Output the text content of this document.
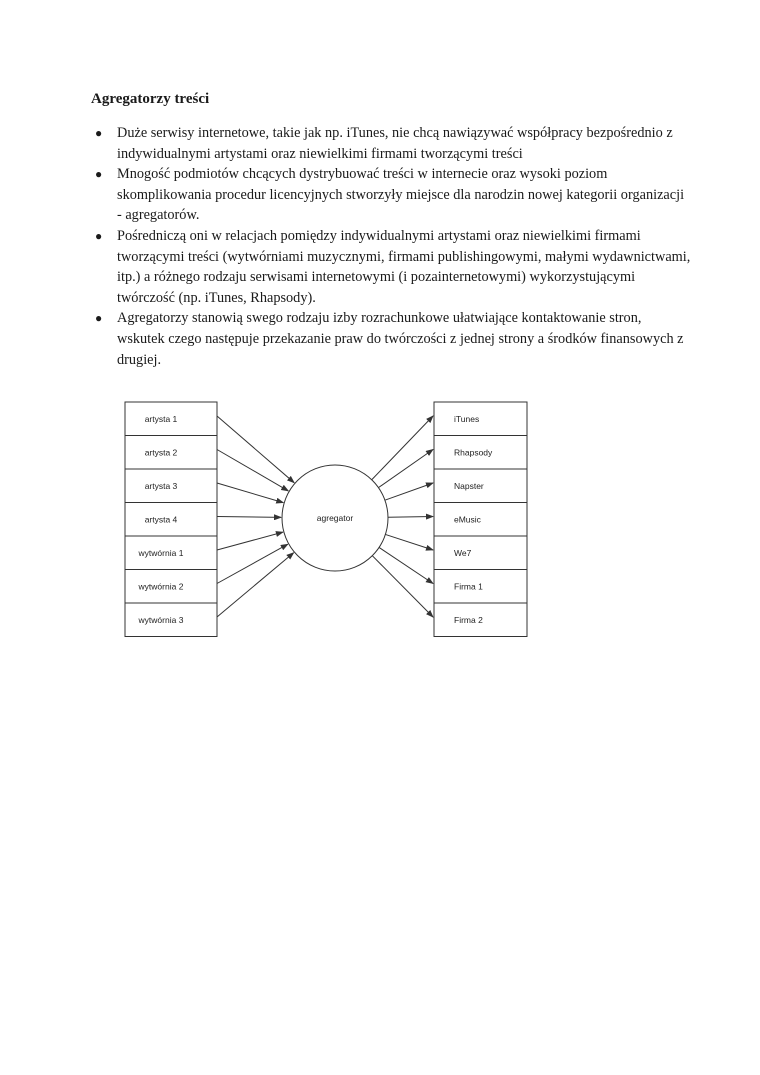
Agregatorzy treści
● Duże serwisy internetowe, takie jak np. iTunes, nie chcą nawiązywać współpracy bezpośrednio z indywidualnymi artystami oraz niewielkimi firmami tworzącymi treści
● Mnogość podmiotów chcących dystrybuować treści w internecie oraz wysoki poziom skomplikowania procedur licencyjnych stworzyły miejsce dla narodzin nowej kategorii organizacji - agregatorów.
● Pośredniczą oni w relacjach pomiędzy indywidualnymi artystami oraz niewielkimi firmami tworzącymi treści (wytwórniami muzycznymi, firmami publishingowymi, małymi wydawnictwami, itp.) a różnego rodzaju serwisami internetowymi (i pozainternetowymi) wykorzystującymi twórczość (np. iTunes, Rhapsody).
● Agregatorzy stanowią swego rodzaju izby rozrachunkowe ułatwiające kontaktowanie stron, wskutek czego następuje przekazanie praw do twórczości z jednej strony a środków finansowych z drugiej.
artysta 1
artysta 2
artysta 3
artysta 4
wytwórnia 1
wytwórnia 2
wytwórnia 3
iTunes
Rhapsody
Napster
eMusic
We7
Firma 1
Firma 2
agregator
